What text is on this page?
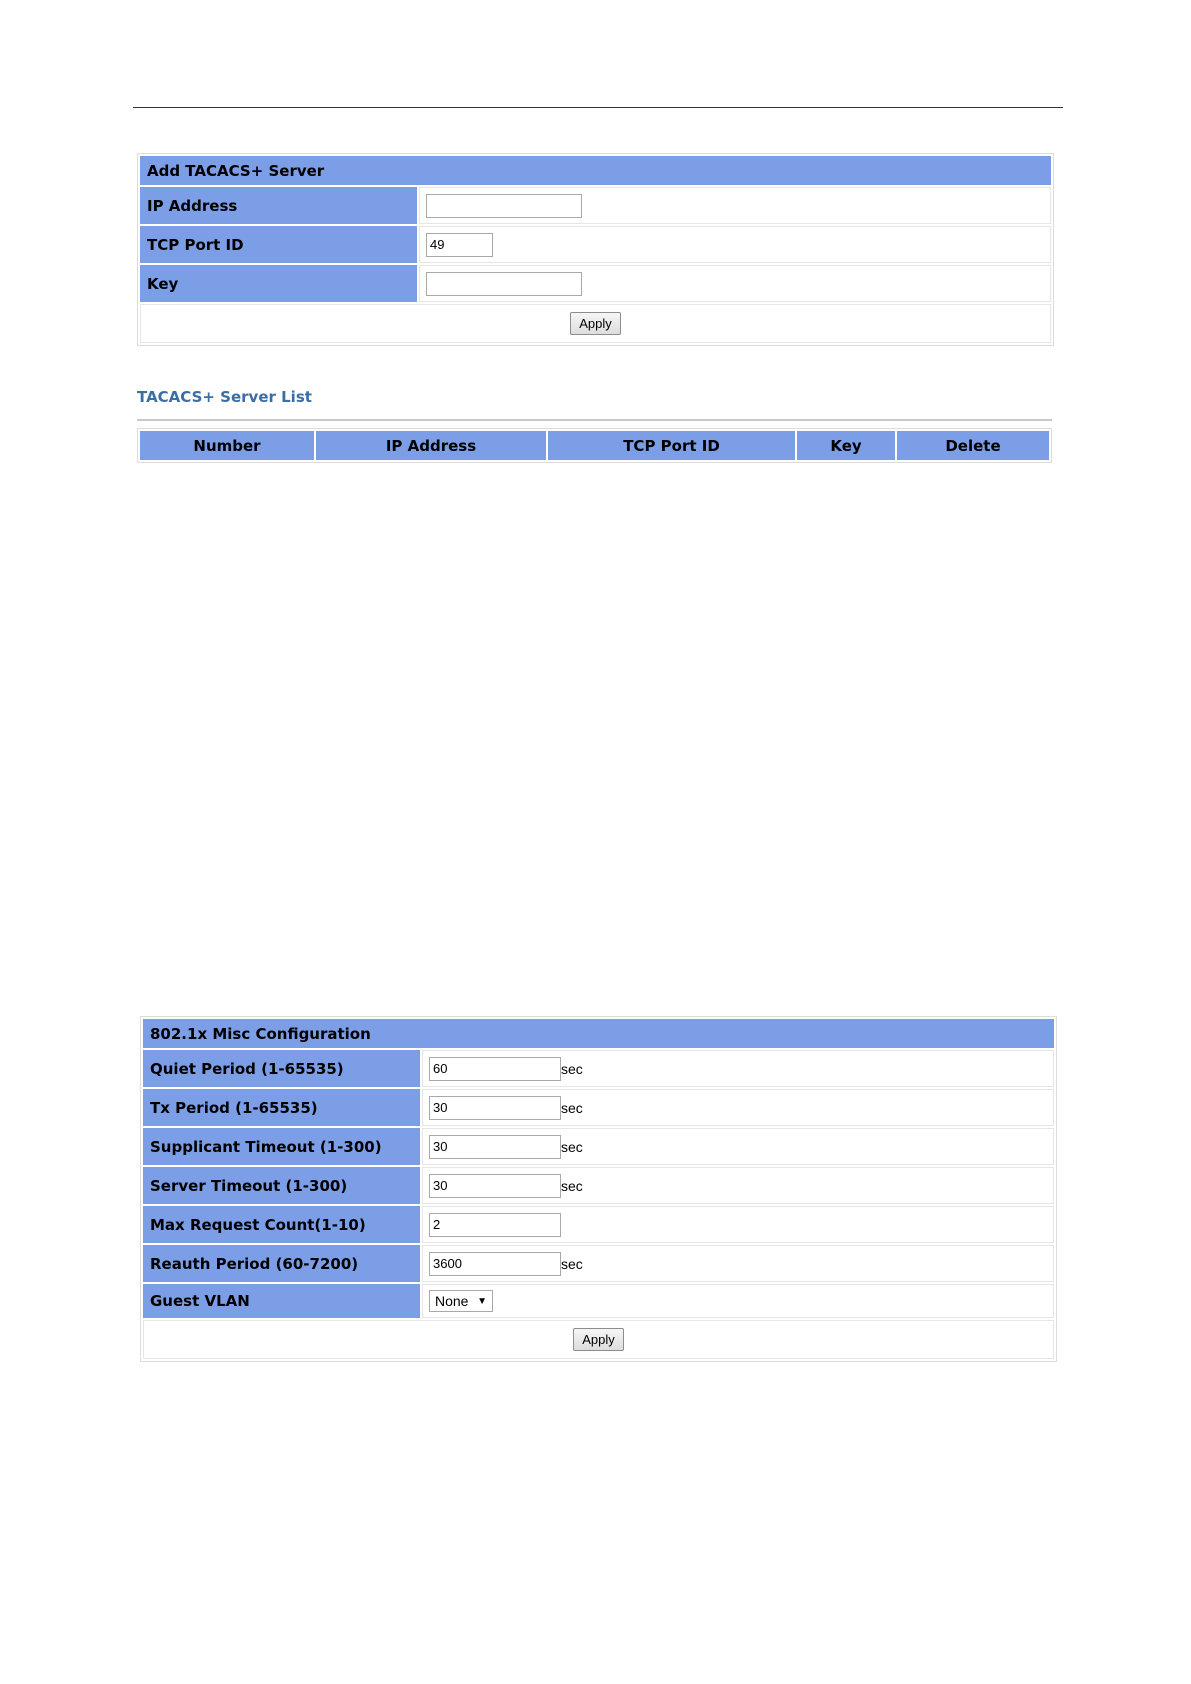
Add TACACS+ Server	
IP Address	
TCP Port ID	49
Key	
Apply	
TACACS+ Server List
Number	IP Address	TCP Port ID	Key	Delete
802.1x Misc Configuration	
Quiet Period (1-65535)	60sec
Tx Period (1-65535)	30sec
Supplicant Timeout (1-300)	30sec
Server Timeout (1-300)	30sec
Max Request Count(1-10)	2
Reauth Period (60-7200)	3600sec
Guest VLAN	None ▼

Apply	
